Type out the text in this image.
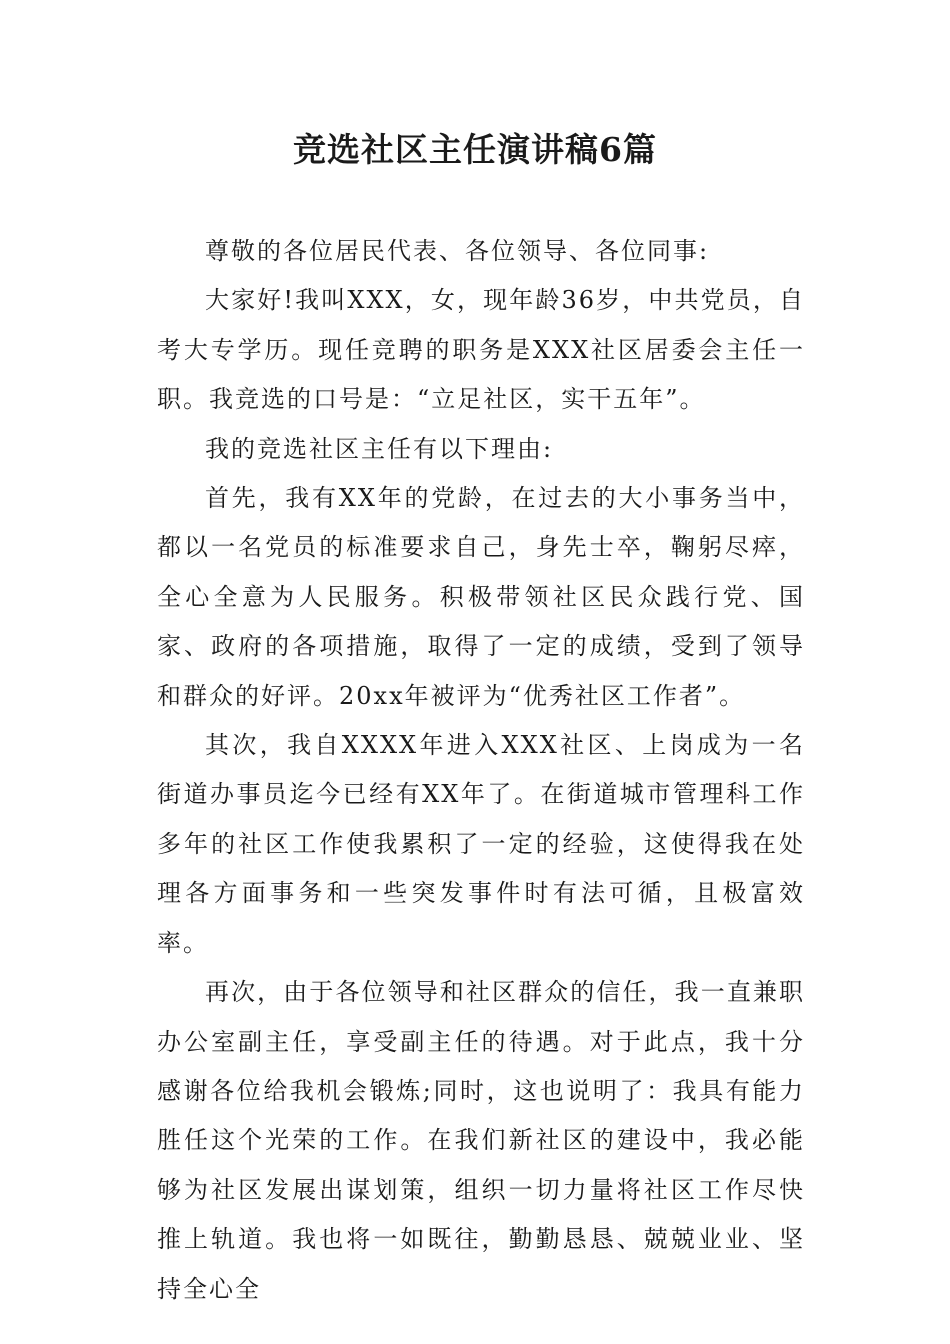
竞选社区主任演讲稿6篇

尊敬的各位居民代表、各位领导、各位同事:

大家好!我叫XXX，女，现年龄36岁，中共党员，自考大专学历。现任竞聘的职务是XXX社区居委会主任一职。我竞选的口号是：“立足社区，实干五年”。

我的竞选社区主任有以下理由:

首先，我有XX年的党龄，在过去的大小事务当中，都以一名党员的标准要求自己，身先士卒，鞠躬尽瘁，全心全意为人民服务。积极带领社区民众践行党、国家、政府的各项措施，取得了一定的成绩，受到了领导和群众的好评。20xx年被评为“优秀社区工作者”。

其次，我自XXXX年进入XXX社区、上岗成为一名街道办事员迄今已经有XX年了。在街道城市管理科工作多年的社区工作使我累积了一定的经验，这使得我在处理各方面事务和一些突发事件时有法可循，且极富效率。

再次，由于各位领导和社区群众的信任，我一直兼职办公室副主任，享受副主任的待遇。对于此点，我十分感谢各位给我机会锻炼;同时，这也说明了：我具有能力胜任这个光荣的工作。在我们新社区的建设中，我必能够为社区发展出谋划策，组织一切力量将社区工作尽快推上轨道。我也将一如既往，勤勤恳恳、兢兢业业、坚持全心全
